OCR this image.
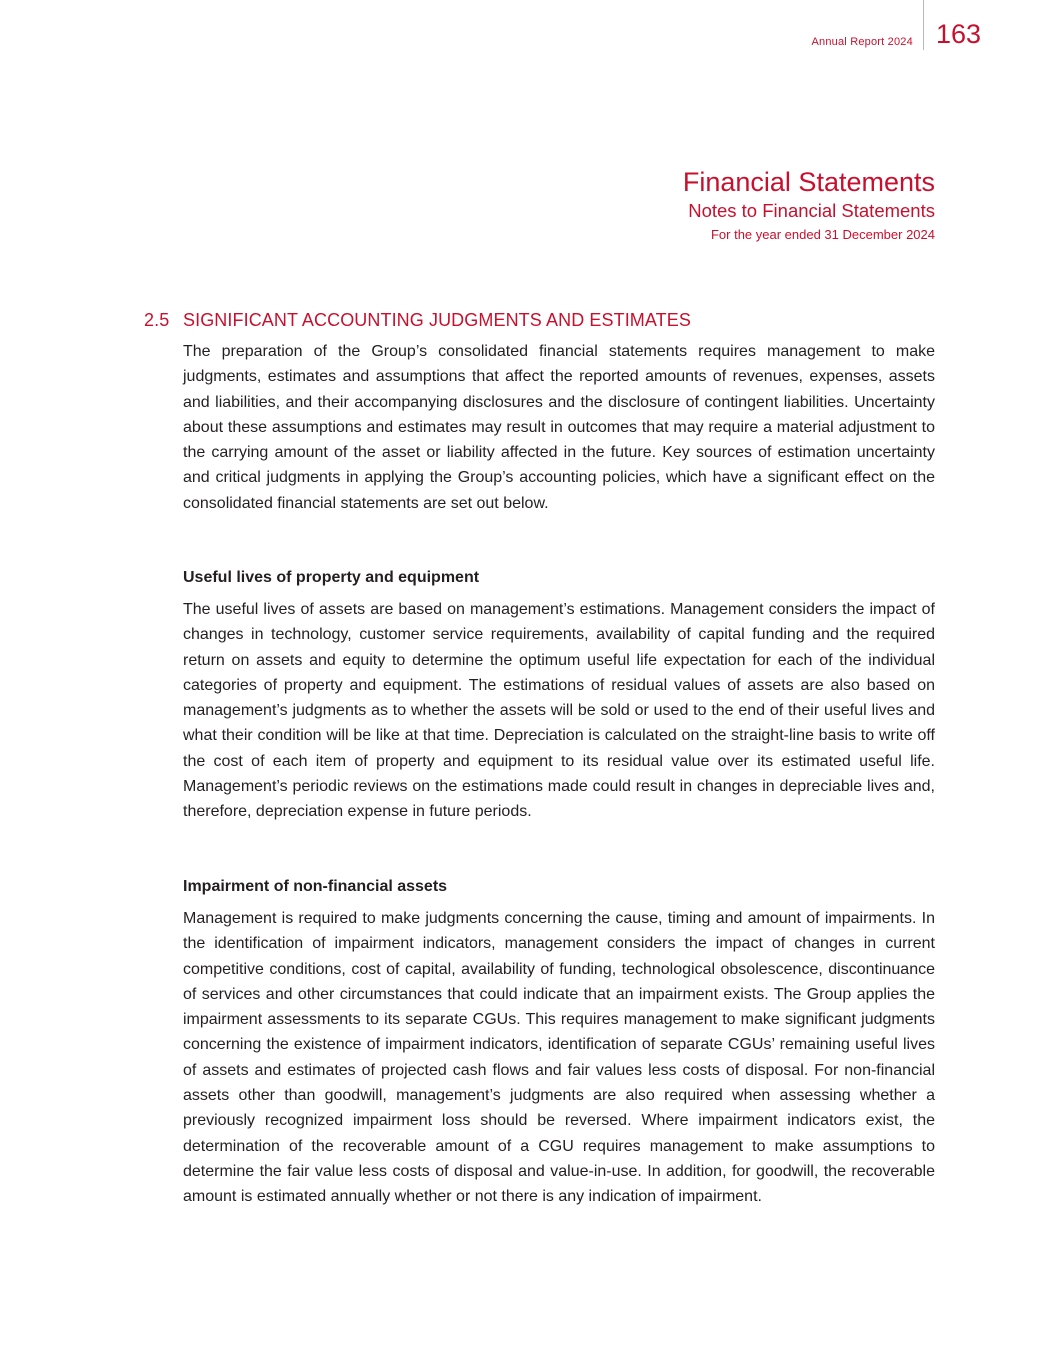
Annual Report 2024 163
Financial Statements
Notes to Financial Statements
For the year ended 31 December 2024
2.5 SIGNIFICANT ACCOUNTING JUDGMENTS AND ESTIMATES

The preparation of the Group’s consolidated financial statements requires management to make judgments, estimates and assumptions that affect the reported amounts of revenues, expenses, assets and liabilities, and their accompanying disclosures and the disclosure of contingent liabilities. Uncertainty about these assumptions and estimates may result in outcomes that may require a material adjustment to the carrying amount of the asset or liability affected in the future. Key sources of estimation uncertainty and critical judgments in applying the Group’s accounting policies, which have a significant effect on the consolidated financial statements are set out below.

Useful lives of property and equipment

The useful lives of assets are based on management’s estimations. Management considers the impact of changes in technology, customer service requirements, availability of capital funding and the required return on assets and equity to determine the optimum useful life expectation for each of the individual categories of property and equipment. The estimations of residual values of assets are also based on management’s judgments as to whether the assets will be sold or used to the end of their useful lives and what their condition will be like at that time. Depreciation is calculated on the straight-line basis to write off the cost of each item of property and equipment to its residual value over its estimated useful life. Management’s periodic reviews on the estimations made could result in changes in depreciable lives and, therefore, depreciation expense in future periods.

Impairment of non-financial assets

Management is required to make judgments concerning the cause, timing and amount of impairments. In the identification of impairment indicators, management considers the impact of changes in current competitive conditions, cost of capital, availability of funding, technological obsolescence, discontinuance of services and other circumstances that could indicate that an impairment exists. The Group applies the impairment assessments to its separate CGUs. This requires management to make significant judgments concerning the existence of impairment indicators, identification of separate CGUs’ remaining useful lives of assets and estimates of projected cash flows and fair values less costs of disposal. For non-financial assets other than goodwill, management’s judgments are also required when assessing whether a previously recognized impairment loss should be reversed. Where impairment indicators exist, the determination of the recoverable amount of a CGU requires management to make assumptions to determine the fair value less costs of disposal and value-in-use. In addition, for goodwill, the recoverable amount is estimated annually whether or not there is any indication of impairment.
